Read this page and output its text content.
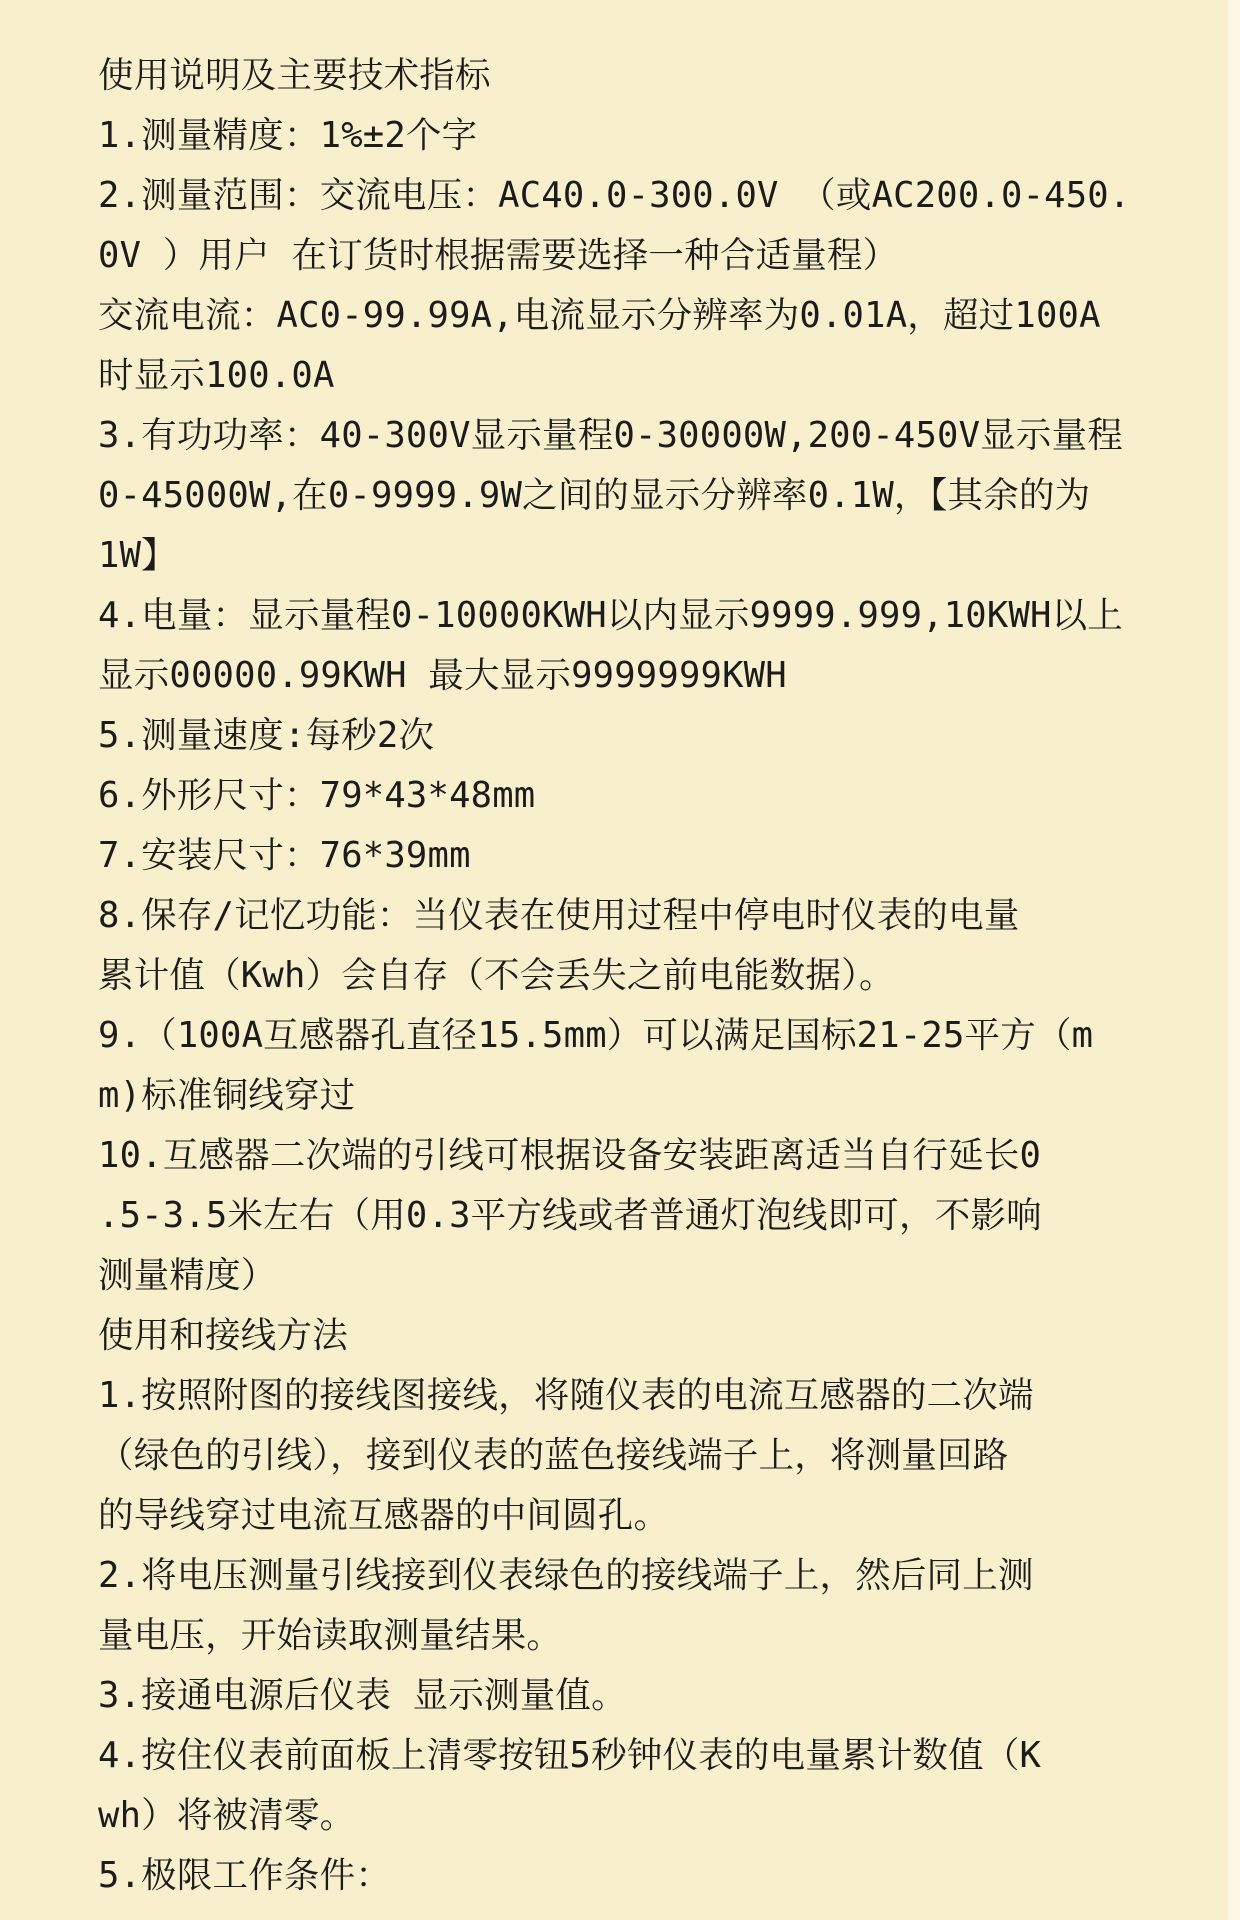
使用说明及主要技术指标
1.测量精度：1%±2个字
2.测量范围：交流电压：AC40.0-300.0V （或AC200.0-450.
0V ）用户 在订货时根据需要选择一种合适量程）
交流电流：AC0-99.99A,电流显示分辨率为0.01A，超过100A
时显示100.0A
3.有功功率：40-300V显示量程0-30000W,200-450V显示量程
0-45000W,在0-9999.9W之间的显示分辨率0.1W，【其余的为
1W】
4.电量：显示量程0-10000KWH以内显示9999.999,10KWH以上
显示00000.99KWH 最大显示9999999KWH
5.测量速度:每秒2次
6.外形尺寸：79*43*48mm
7.安装尺寸：76*39mm
8.保存/记忆功能：当仪表在使用过程中停电时仪表的电量
累计值（Kwh）会自存（不会丢失之前电能数据）。
9.（100A互感器孔直径15.5mm）可以满足国标21-25平方（m
m)标准铜线穿过
10.互感器二次端的引线可根据设备安装距离适当自行延长0
.5-3.5米左右（用0.3平方线或者普通灯泡线即可，不影响
测量精度）
使用和接线方法
1.按照附图的接线图接线，将随仪表的电流互感器的二次端
（绿色的引线），接到仪表的蓝色接线端子上，将测量回路
的导线穿过电流互感器的中间圆孔。
2.将电压测量引线接到仪表绿色的接线端子上，然后同上测
量电压，开始读取测量结果。
3.接通电源后仪表 显示测量值。
4.按住仪表前面板上清零按钮5秒钟仪表的电量累计数值（K
wh）将被清零。
5.极限工作条件：
